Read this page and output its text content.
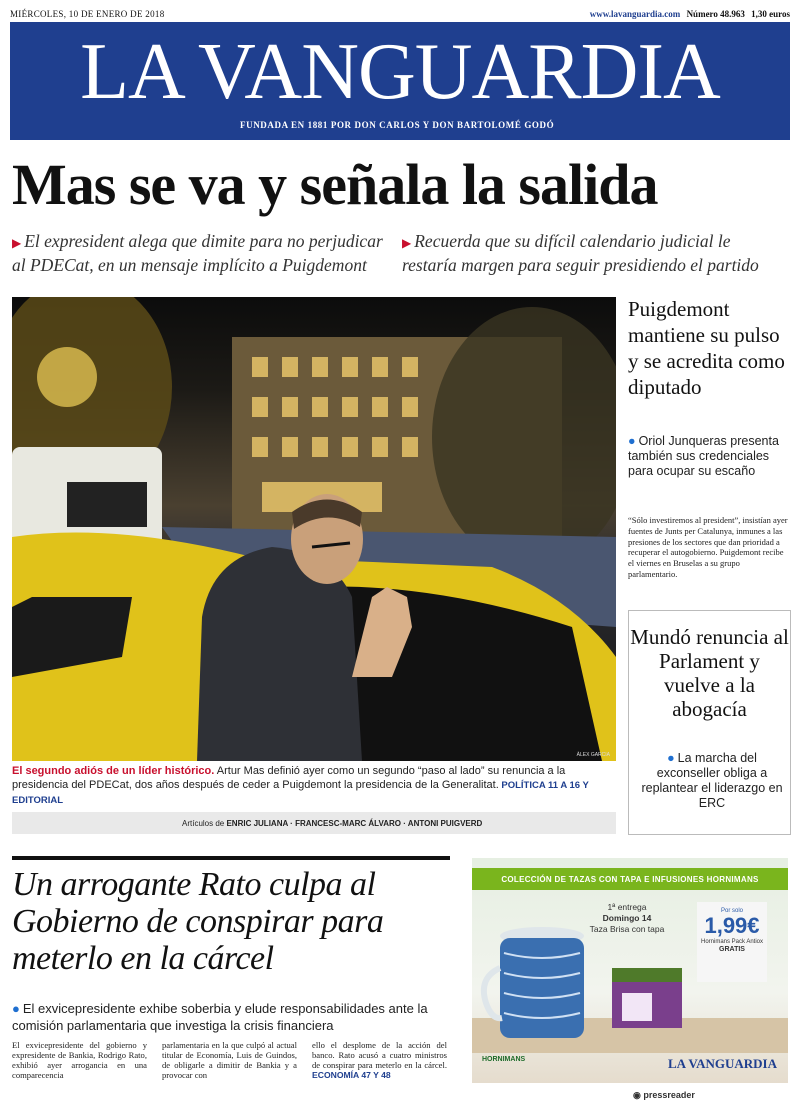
MIÉRCOLES, 10 DE ENERO DE 2018	www.lavanguardia.com Número 48.963 1,30 euros
LA VANGUARDIA
FUNDADA EN 1881 POR DON CARLOS Y DON BARTOLOMÉ GODÓ
Mas se va y señala la salida
▶ El expresident alega que dimite para no perjudicar al PDECat, en un mensaje implícito a Puigdemont
▶ Recuerda que su difícil calendario judicial le restaría margen para seguir presidiendo el partido
ÀLEX GARCIA
El segundo adiós de un líder histórico. Artur Mas definió ayer como un segundo “paso al lado” su renuncia a la presidencia del PDECat, dos años después de ceder a Puigdemont la presidencia de la Generalitat. POLÍTICA 11 A 16 Y EDITORIAL
Artículos de ENRIC JULIANA · FRANCESC-MARC ÁLVARO · ANTONI PUIGVERD
Puigdemont mantiene su pulso y se acredita como diputado
● Oriol Junqueras presenta también sus credenciales para ocupar su escaño
“Sólo investiremos al president”, insistían ayer fuentes de Junts per Catalunya, inmunes a las presiones de los sectores que dan prioridad a recuperar el autogobierno. Puigdemont recibe el viernes en Bruselas a su grupo parlamentario.
Mundó renuncia al Parlament y vuelve a la abogacía
● La marcha del exconseller obliga a replantear el liderazgo en ERC
Un arrogante Rato culpa al Gobierno de conspirar para meterlo en la cárcel
● El exvicepresidente exhibe soberbia y elude responsabilidades ante la comisión parlamentaria que investiga la crisis financiera
El exvicepresidente del gobierno y expresidente de Bankia, Rodrigo Rato, exhibió ayer arrogancia en una comparecencia
parlamentaria en la que culpó al actual titular de Economía, Luis de Guindos, de obligarle a dimitir de Bankia y a provocar con
ello el desplome de la acción del banco. Rato acusó a cuatro ministros de conspirar para meterlo en la cárcel. ECONOMÍA 47 Y 48
COLECCIÓN DE TAZAS CON TAPA E INFUSIONES HORNIMANS
1ª entrega
Domingo 14
Taza Brisa con tapa
Por solo
1,99€
Hornimans Pack Antiox
GRATIS
HORNIMANS	LA VANGUARDIA
◉ pressreader
